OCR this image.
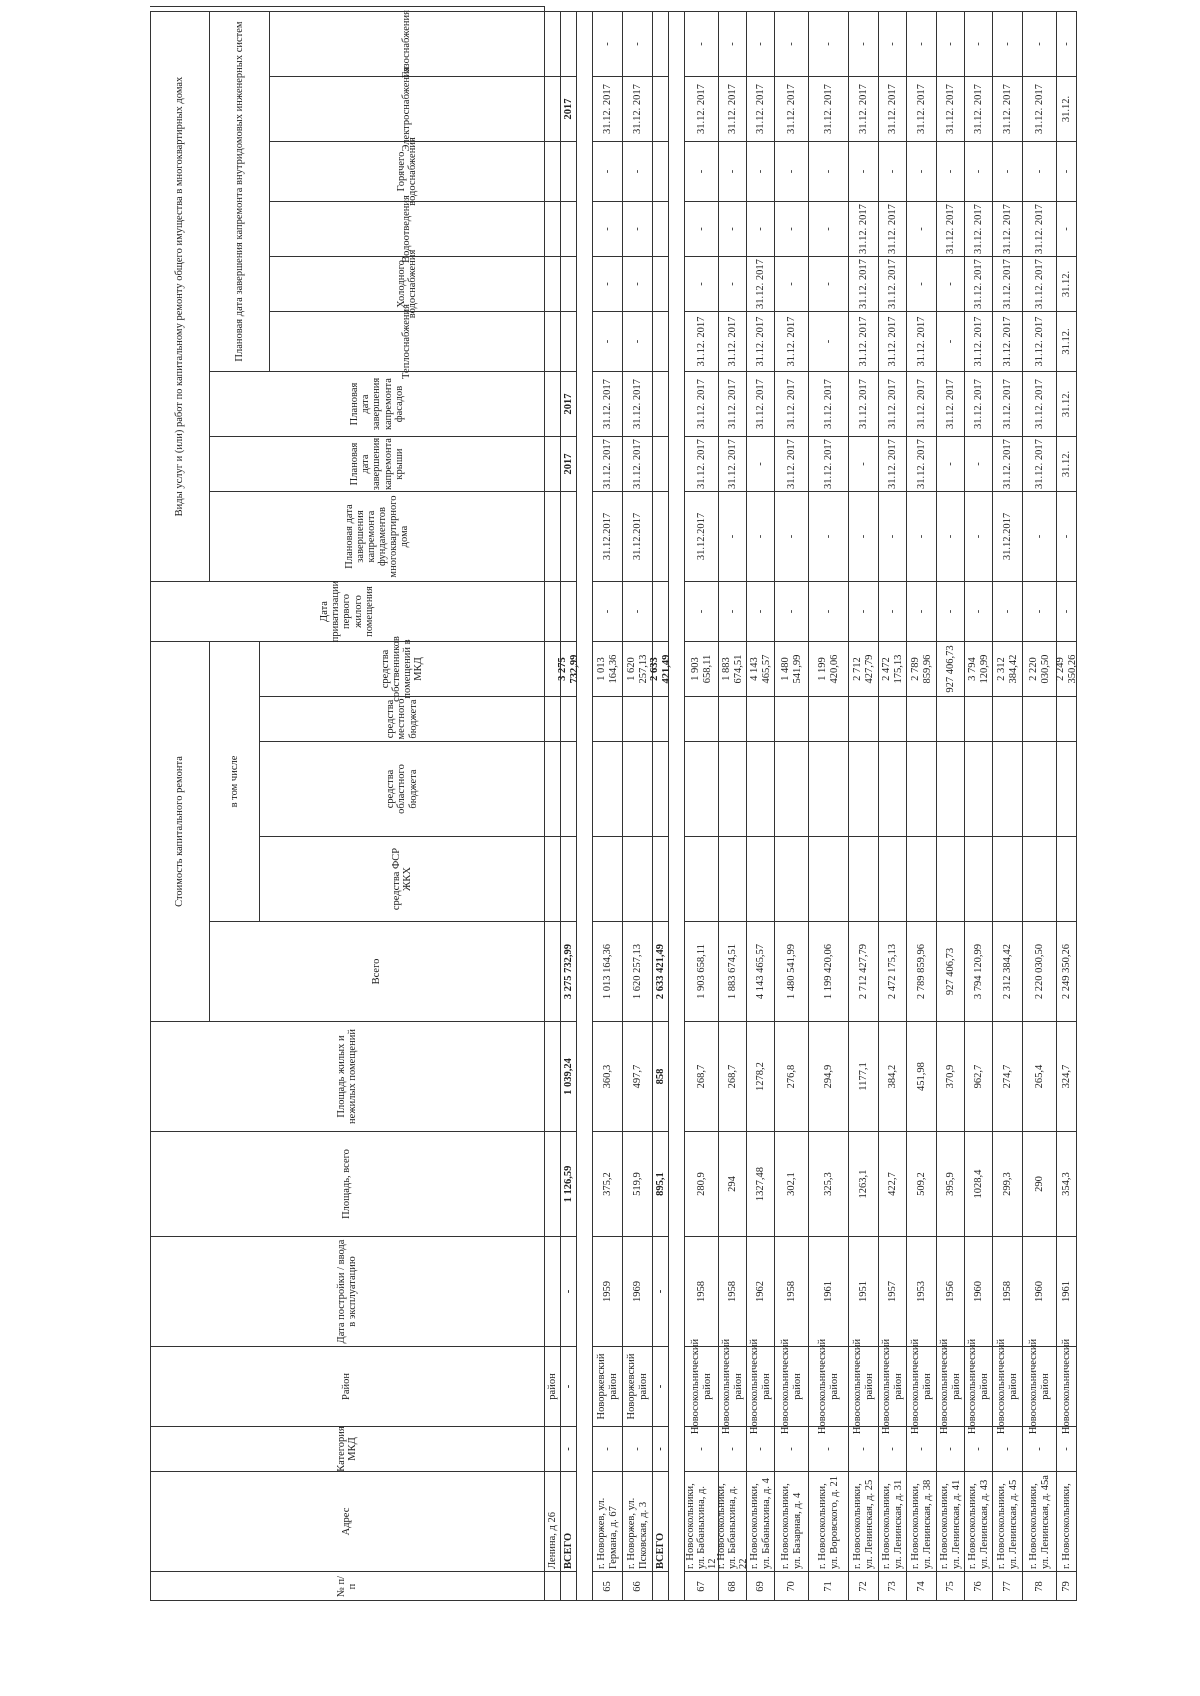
№ п/п
Адрес
Категория МКД
Район
Дата постройки / ввода в эксплуатацию
Площадь, всего
Площадь жилых и нежилых помещений
Стоимость капитального ремонта
Всего
в том числе
средства ФСР ЖКХ
средства областного бюджета
средства местного бюджета
средства собственников помещений в МКД
Дата приватизации первого жилого помещения
Виды услуг и (или) работ по капитальному ремонту общего имущества в многоквартирных домах
Плановая дата завершения капремонта фундаментов многоквартирного дома
Плановая дата завершения капремонта крыши
Плановая дата завершения капремонта фасадов
Плановая дата завершения капремонта внутридомовых инженерных систем	Теплоснабжения
Холодного водоснабжения
Водоотведения
Горячего водоснабжения
Электроснабжения
Газоснабжения
Ленина, д 26
район
ВСЕГО
-
-
-
1 126,59
1 039,24
3 275 732,99
3 275 732,99
2017
2017
2017
65
г. Новоржев, ул. Германа, д. 67
-
Новоржевский район
1959
375,2
360,3
1 013 164,36
1 013 164,36
-
31.12.2017
31.12. 2017
31.12. 2017
-
-
-
-
31.12. 2017
-
66
г. Новоржев, ул. Псковская, д. 3
-
Новоржевский район
1969
519,9
497,7
1 620 257,13
1 620 257,13
-
31.12.2017
31.12. 2017
31.12. 2017
-
-
-
-
31.12. 2017
-
ВСЕГО
-
-
-
895,1
858
2 633 421,49
2 633 421,49
67
г. Новосокольники, ул. Бабаныхина, д. 12
-
Новосокольнический район
1958
280,9
268,7
1 903 658,11
1 903 658,11
-
31.12.2017
31.12. 2017
31.12. 2017
31.12. 2017
-
-
-
31.12. 2017
-
68
г. Новосокольники, ул. Бабаныхина, д. 22
-
Новосокольнический район
1958
294
268,7
1 883 674,51
1 883 674,51
-
-
31.12. 2017
31.12. 2017
31.12. 2017
-
-
-
31.12. 2017
-
69
г. Новосокольники, ул. Бабаныхина, д. 4
-
Новосокольнический район
1962
1327,48
1278,2
4 143 465,57
4 143 465,57
-
-
-
31.12. 2017
31.12. 2017
31.12. 2017
-
-
31.12. 2017
-
70
г. Новосокольники, ул. Базарная, д. 4
-
Новосокольнический район
1958
302,1
276,8
1 480 541,99
1 480 541,99
-
-
31.12. 2017
31.12. 2017
31.12. 2017
-
-
-
31.12. 2017
-
71
г. Новосокольники, ул. Воровского, д. 21
-
Новосокольнический район
1961
325,3
294,9
1 199 420,06
1 199 420,06
-
-
31.12. 2017
31.12. 2017
-
-
-
-
31.12. 2017
-
72
г. Новосокольники, ул. Ленинская, д. 25
-
Новосокольнический район
1951
1263,1
1177,1
2 712 427,79
2 712 427,79
-
-
-
31.12. 2017
31.12. 2017
31.12. 2017
31.12. 2017
-
31.12. 2017
-
73
г. Новосокольники, ул. Ленинская, д. 31
-
Новосокольнический район
1957
422,7
384,2
2 472 175,13
2 472 175,13
-
-
31.12. 2017
31.12. 2017
31.12. 2017
31.12. 2017
31.12. 2017
-
31.12. 2017
-
74
г. Новосокольники, ул. Ленинская, д. 38
-
Новосокольнический район
1953
509,2
451,98
2 789 859,96
2 789 859,96
-
-
31.12. 2017
31.12. 2017
31.12. 2017
-
-
-
31.12. 2017
-
75
г. Новосокольники, ул. Ленинская, д. 41
-
Новосокольнический район
1956
395,9
370,9
927 406,73
927 406,73
-
-
-
31.12. 2017
-
-
31.12. 2017
-
31.12. 2017
-
76
г. Новосокольники, ул. Ленинская, д. 43
-
Новосокольнический район
1960
1028,4
962,7
3 794 120,99
3 794 120,99
-
-
-
31.12. 2017
31.12. 2017
31.12. 2017
31.12. 2017
-
31.12. 2017
-
77
г. Новосокольники, ул. Ленинская, д. 45
-
Новосокольнический район
1958
299,3
274,7
2 312 384,42
2 312 384,42
-
31.12.2017
31.12. 2017
31.12. 2017
31.12. 2017
31.12. 2017
31.12. 2017
-
31.12. 2017
-
78
г. Новосокольники, ул. Ленинская, д. 45а
-
Новосокольнический район
1960
290
265,4
2 220 030,50
2 220 030,50
-
-
31.12. 2017
31.12. 2017
31.12. 2017
31.12. 2017
31.12. 2017
-
31.12. 2017
-
79
г. Новосокольники,
-
Новосокольнический
1961
354,3
324,7
2 249 350,26
2 249 350,26
-
-
31.12.
31.12.
31.12.
31.12.
-
-
31.12.
-
